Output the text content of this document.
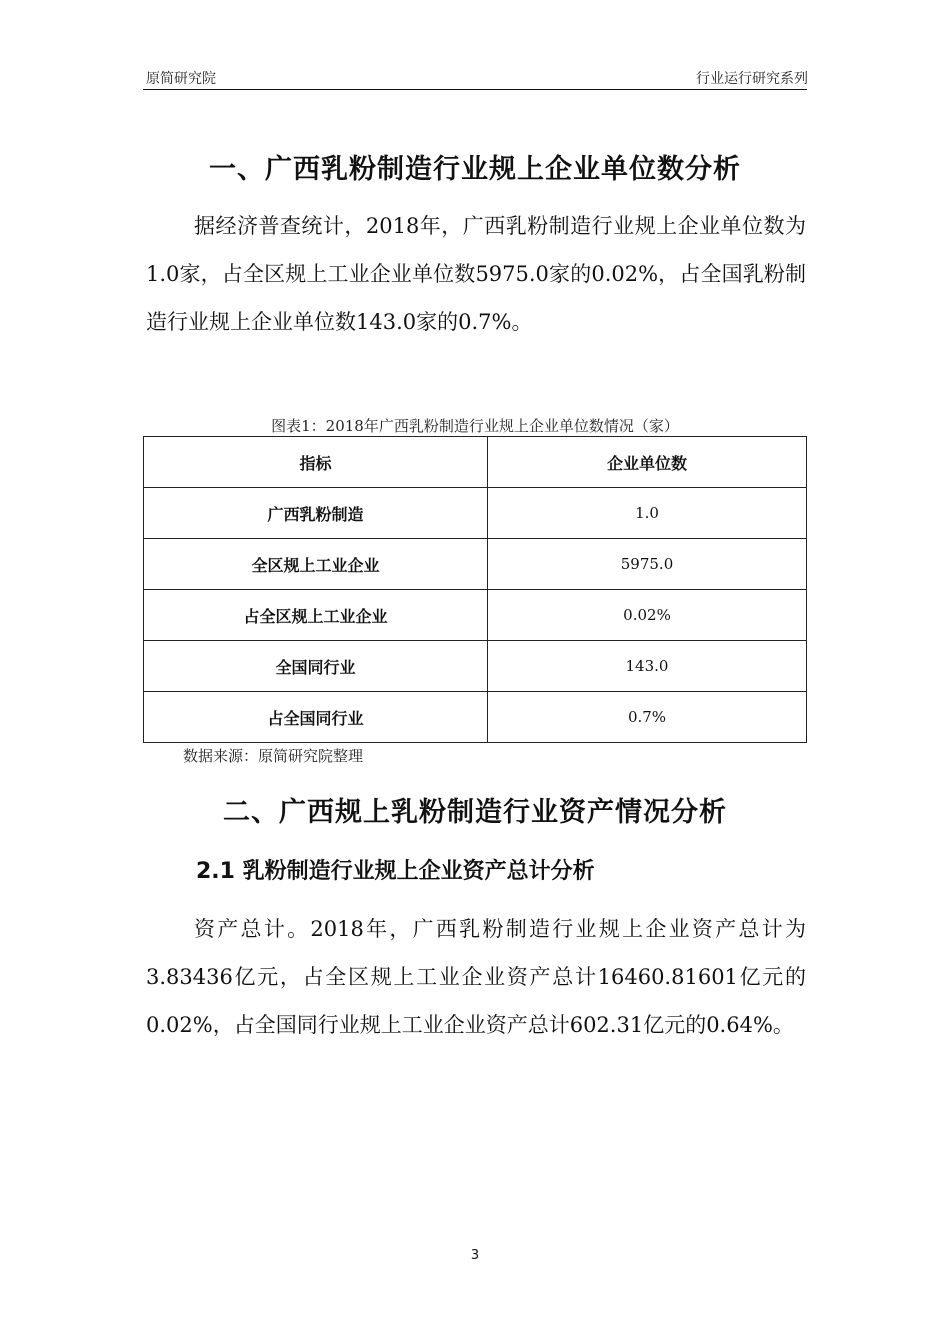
原简研究院	行业运行研究系列
一、广西乳粉制造行业规上企业单位数分析

据经济普查统计，2018年，广西乳粉制造行业规上企业单位数为1.0家，占全区规上工业企业单位数5975.0家的0.02%，占全国乳粉制造行业规上企业单位数143.0家的0.7%。

图表1：2018年广西乳粉制造行业规上企业单位数情况（家）
指标	企业单位数
广西乳粉制造	1.0
全区规上工业企业	5975.0
占全区规上工业企业	0.02%
全国同行业	143.0
占全国同行业	0.7%
数据来源：原简研究院整理
二、广西规上乳粉制造行业资产情况分析
2.1 乳粉制造行业规上企业资产总计分析

资产总计。2018年，广西乳粉制造行业规上企业资产总计为3.83436亿元，占全区规上工业企业资产总计16460.81601亿元的0.02%，占全国同行业规上工业企业资产总计602.31亿元的0.64%。

3
